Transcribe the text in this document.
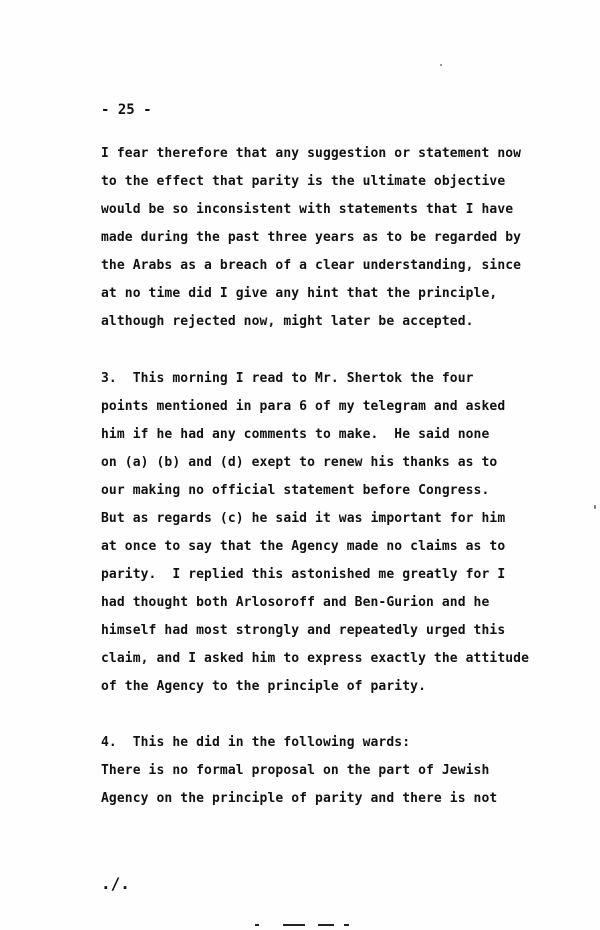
- 25 -
I fear therefore that any suggestion or statement now
to the effect that parity is the ultimate objective
would be so inconsistent with statements that I have
made during the past three years as to be regarded by
the Arabs as a breach of a clear understanding, since
at no time did I give any hint that the principle,
although rejected now, might later be accepted.
3.  This morning I read to Mr. Shertok the four
points mentioned in para 6 of my telegram and asked
him if he had any comments to make.  He said none
on (a) (b) and (d) exept to renew his thanks as to
our making no official statement before Congress.
But as regards (c) he said it was important for him
at once to say that the Agency made no claims as to
parity.  I replied this astonished me greatly for I
had thought both Arlosoroff and Ben-Gurion and he
himself had most strongly and repeatedly urged this
claim, and I asked him to express exactly the attitude
of the Agency to the principle of parity.
4.  This he did in the following wards:
There is no formal proposal on the part of Jewish
Agency on the principle of parity and there is not
./.
